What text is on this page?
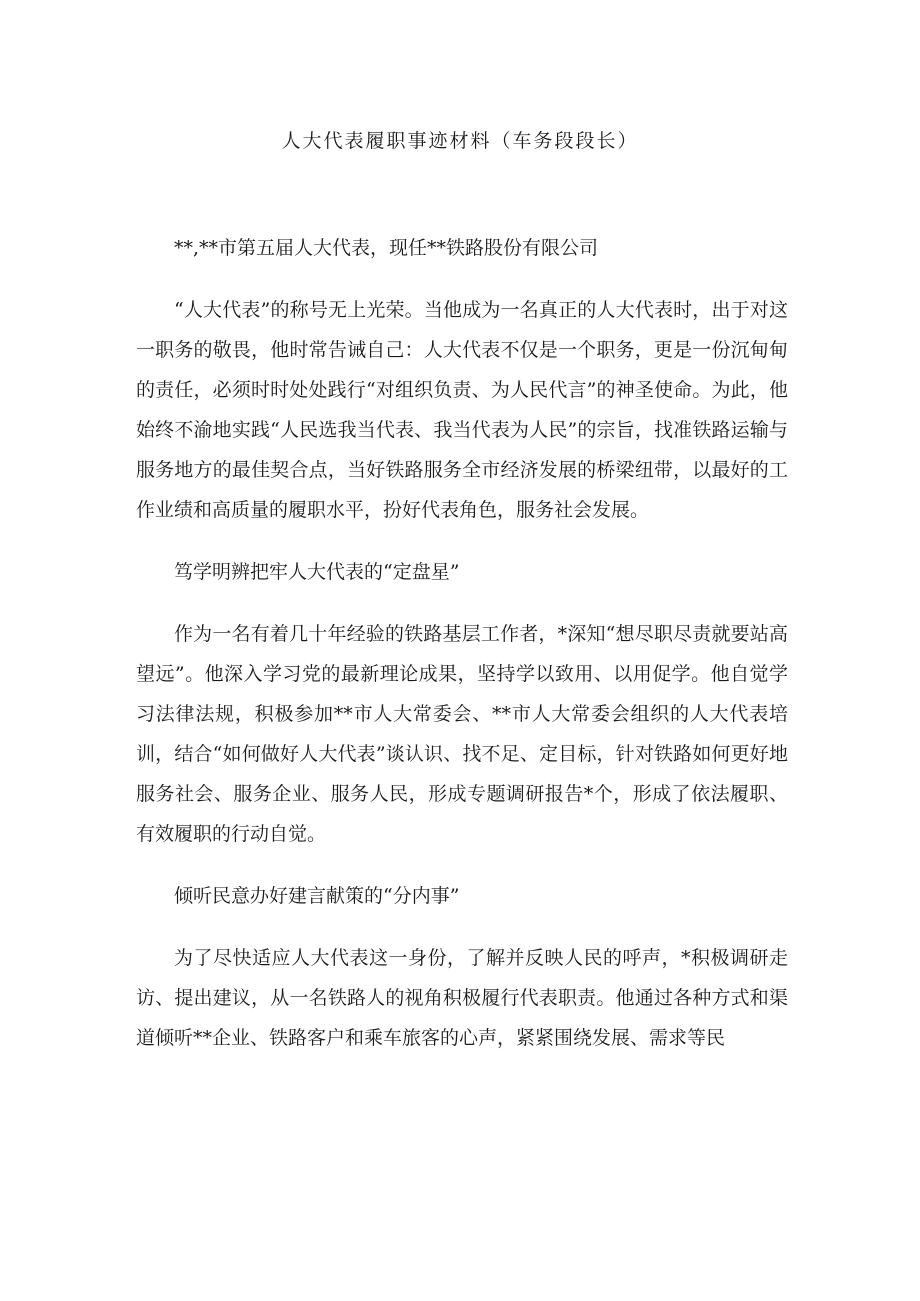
人大代表履职事迹材料（车务段段长）

**,**市第五届人大代表，现任**铁路股份有限公司

“人大代表”的称号无上光荣。当他成为一名真正的人大代表时，出于对这一职务的敬畏，他时常告诫自己：人大代表不仅是一个职务，更是一份沉甸甸的责任，必须时时处处践行“对组织负责、为人民代言”的神圣使命。为此，他始终不渝地实践“人民选我当代表、我当代表为人民”的宗旨，找准铁路运输与服务地方的最佳契合点，当好铁路服务全市经济发展的桥梁纽带，以最好的工作业绩和高质量的履职水平，扮好代表角色，服务社会发展。

笃学明辨把牢人大代表的“定盘星”

作为一名有着几十年经验的铁路基层工作者，*深知“想尽职尽责就要站高望远”。他深入学习党的最新理论成果，坚持学以致用、以用促学。他自觉学习法律法规，积极参加**市人大常委会、**市人大常委会组织的人大代表培训，结合“如何做好人大代表”谈认识、找不足、定目标，针对铁路如何更好地服务社会、服务企业、服务人民，形成专题调研报告*个，形成了依法履职、有效履职的行动自觉。

倾听民意办好建言献策的“分内事”

为了尽快适应人大代表这一身份，了解并反映人民的呼声，*积极调研走访、提出建议，从一名铁路人的视角积极履行代表职责。他通过各种方式和渠道倾听**企业、铁路客户和乘车旅客的心声，紧紧围绕发展、需求等民
